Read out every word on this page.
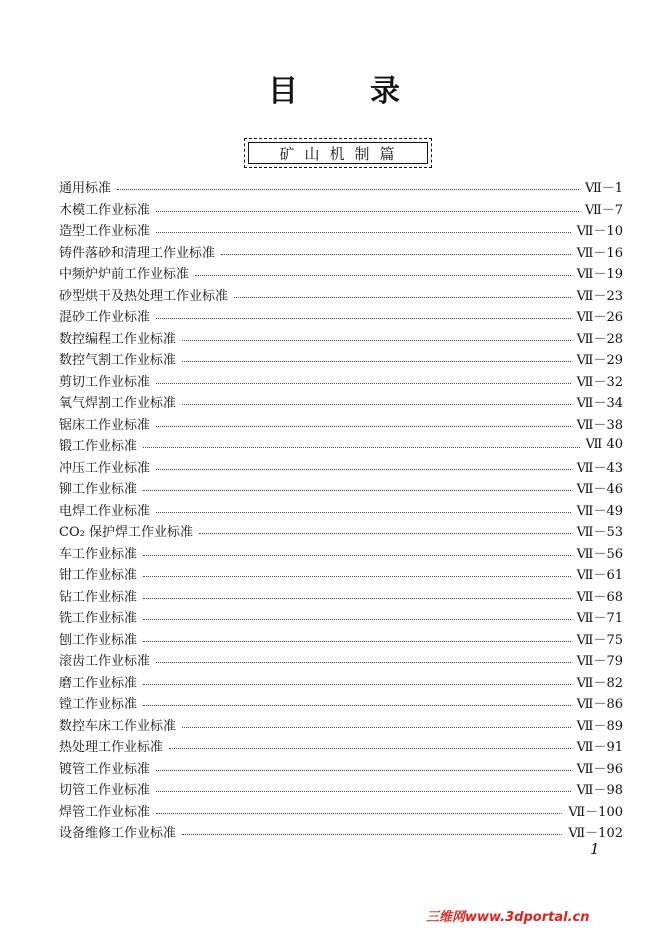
目 录
矿山机制篇
通用标准	Ⅶ－1
木模工作业标准	Ⅶ－7
造型工作业标准	Ⅶ－10
铸件落砂和清理工作业标准	Ⅶ－16
中频炉炉前工作业标准	Ⅶ－19
砂型烘干及热处理工作业标准	Ⅶ－23
混砂工作业标准	Ⅶ－26
数控编程工作业标准	Ⅶ－28
数控气割工作业标准	Ⅶ－29
剪切工作业标准	Ⅶ－32
氧气焊割工作业标准	Ⅶ－34
锯床工作业标准	Ⅶ－38
锻工作业标准	Ⅶ 40
冲压工作业标准	Ⅶ－43
铆工作业标准	Ⅶ－46
电焊工作业标准	Ⅶ－49
CO₂ 保护焊工作业标准	Ⅶ－53
车工作业标准	Ⅶ－56
钳工作业标准	Ⅶ－61
钻工作业标准	Ⅶ－68
铣工作业标准	Ⅶ－71
刨工作业标准	Ⅶ－75
滚齿工作业标准	Ⅶ－79
磨工作业标准	Ⅶ－82
镗工作业标准	Ⅶ－86
数控车床工作业标准	Ⅶ－89
热处理工作业标准	Ⅶ－91
镀管工作业标准	Ⅶ－96
切管工作业标准	Ⅶ－98
焊管工作业标准	Ⅶ－100
设备维修工作业标准	Ⅶ－102
1
三维网www.3dportal.cn
